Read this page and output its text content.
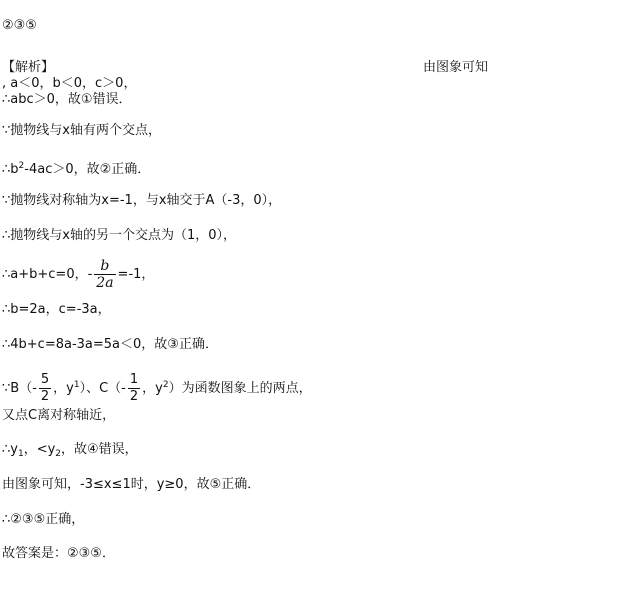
②③⑤
【解析】	由图象可知
, a＜0，b＜0，c＞0，
∴abc＞0，故①错误．
∵抛物线与x轴有两个交点，
$\therefore b^2-4ac>0$，故②正确．
∵抛物线对称轴为x=-1，与x轴交于A（-3，0），
∴抛物线与x轴的另一个交点为（1，0），
∴a+b+c=0，- $\frac{b}{2a} =-1$，
∴b=2a，c=-3a，
∴4b+c=8a-3a=5a＜0，故③正确．
∵B（- $\frac{5}{2}$ ，$y^1$）、$C(- \frac{1}{2}$ ，$y^2$）为函数图象上的两点，
又点C离对称轴近，
$\therefore y_1$，$<y_2$，故④错误，
由图象可知，-3≤x≤1时，y≥0，故⑤正确．
∴②③⑤正确，
故答案是：②③⑤．
